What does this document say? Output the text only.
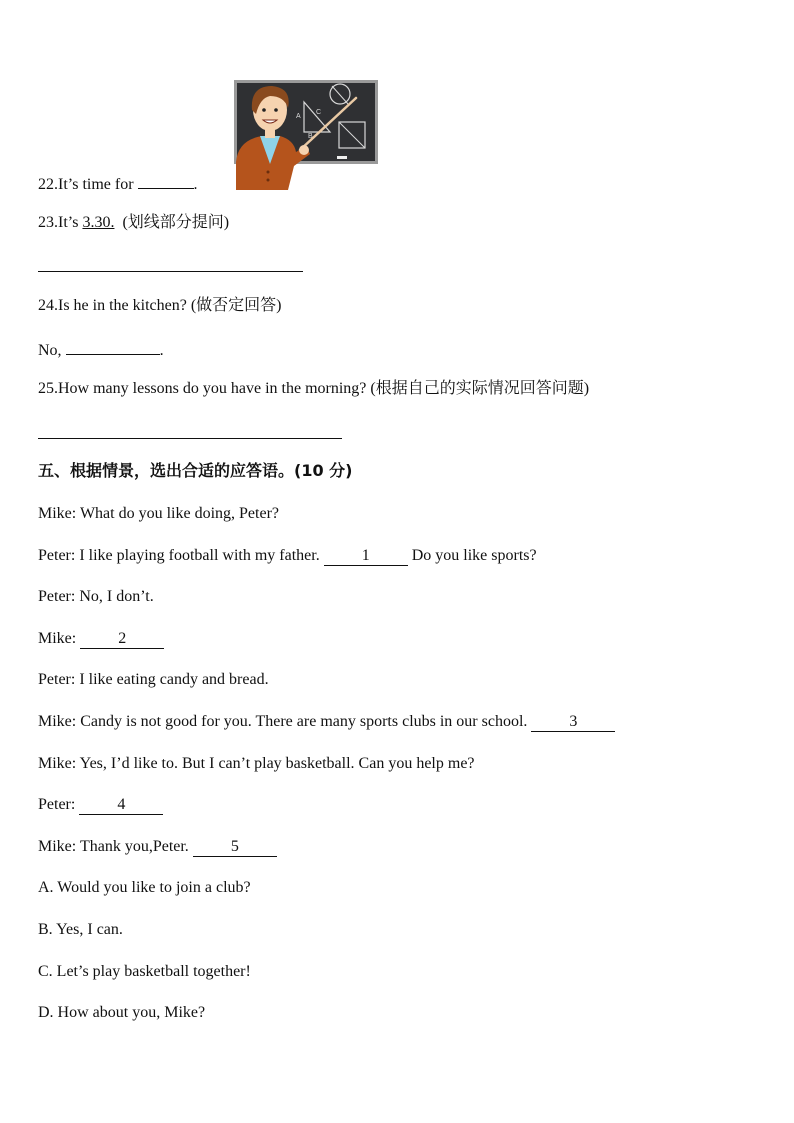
A
C
B
22.It’s time for	.
23.It’s 3.30. (划线部分提问)
24.Is he in the kitchen? (做否定回答)
No,	.
25.How many lessons do you have in the morning? (根据自己的实际情况回答问题)
五、根据情景，选出合适的应答语。(10 分)
Mike: What do you like doing, Peter?
Peter: I like playing football with my father.	1	Do you like sports?
Peter: No, I don’t.
Mike:	2
Peter: I like eating candy and bread.
Mike: Candy is not good for you. There are many sports clubs in our school.	3
Mike: Yes, I’d like to. But I can’t play basketball. Can you help me?
Peter:	4
Mike: Thank you,Peter.	5
A. Would you like to join a club?
B. Yes, I can.
C. Let’s play basketball together!
D. How about you, Mike?
